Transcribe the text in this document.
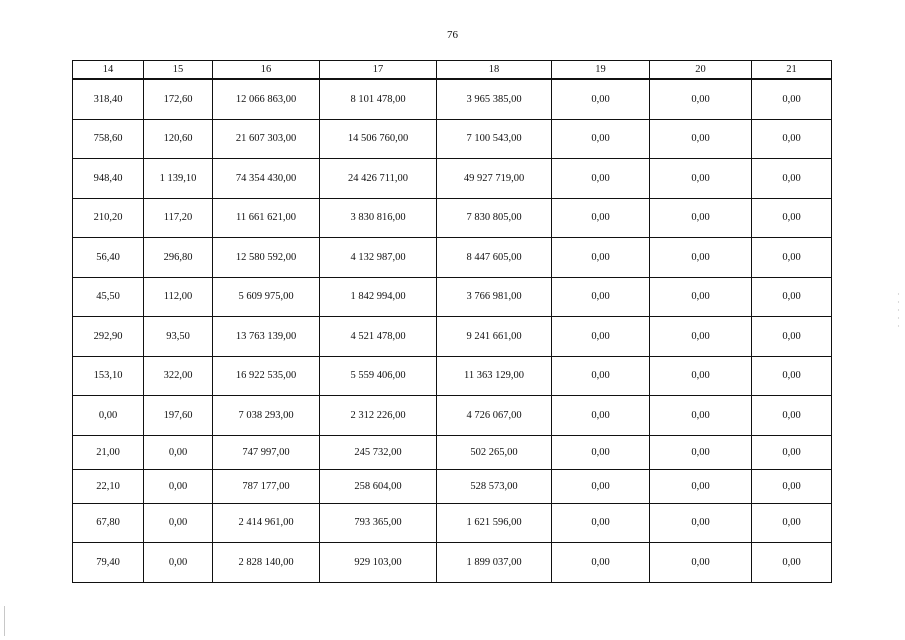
76
14	15	16	17	18	19	20	21
318,40	172,60	12 066 863,00	8 101 478,00	3 965 385,00	0,00	0,00	0,00
758,60	120,60	21 607 303,00	14 506 760,00	7 100 543,00	0,00	0,00	0,00
948,40	1 139,10	74 354 430,00	24 426 711,00	49 927 719,00	0,00	0,00	0,00
210,20	117,20	11 661 621,00	3 830 816,00	7 830 805,00	0,00	0,00	0,00
56,40	296,80	12 580 592,00	4 132 987,00	8 447 605,00	0,00	0,00	0,00
45,50	112,00	5 609 975,00	1 842 994,00	3 766 981,00	0,00	0,00	0,00
292,90	93,50	13 763 139,00	4 521 478,00	9 241 661,00	0,00	0,00	0,00
153,10	322,00	16 922 535,00	5 559 406,00	11 363 129,00	0,00	0,00	0,00
0,00	197,60	7 038 293,00	2 312 226,00	4 726 067,00	0,00	0,00	0,00
21,00	0,00	747 997,00	245 732,00	502 265,00	0,00	0,00	0,00
22,10	0,00	787 177,00	258 604,00	528 573,00	0,00	0,00	0,00
67,80	0,00	2 414 961,00	793 365,00	1 621 596,00	0,00	0,00	0,00
79,40	0,00	2 828 140,00	929 103,00	1 899 037,00	0,00	0,00	0,00
